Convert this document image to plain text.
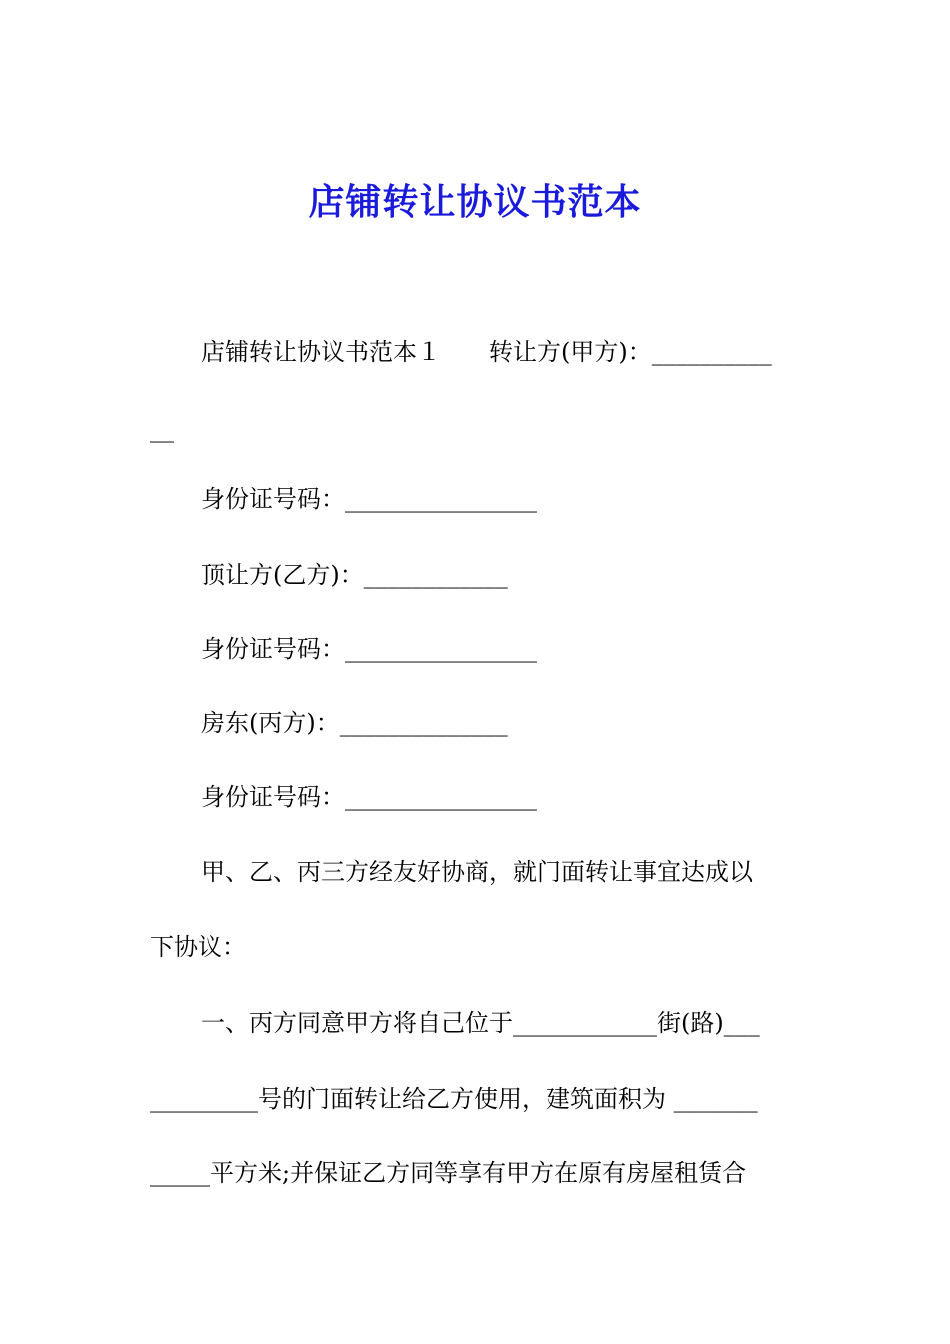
店铺转让协议书范本

店铺转让协议书范本１　　转让方(甲方)：__________

__

身份证号码：________________

顶让方(乙方)：____________

身份证号码：________________

房东(丙方)：______________

身份证号码：________________

甲、乙、丙三方经友好协商，就门面转让事宜达成以

下协议：

一、丙方同意甲方将自己位于____________街(路)___

_________号的门面转让给乙方使用，建筑面积为 _______

_____平方米;并保证乙方同等享有甲方在原有房屋租赁合
